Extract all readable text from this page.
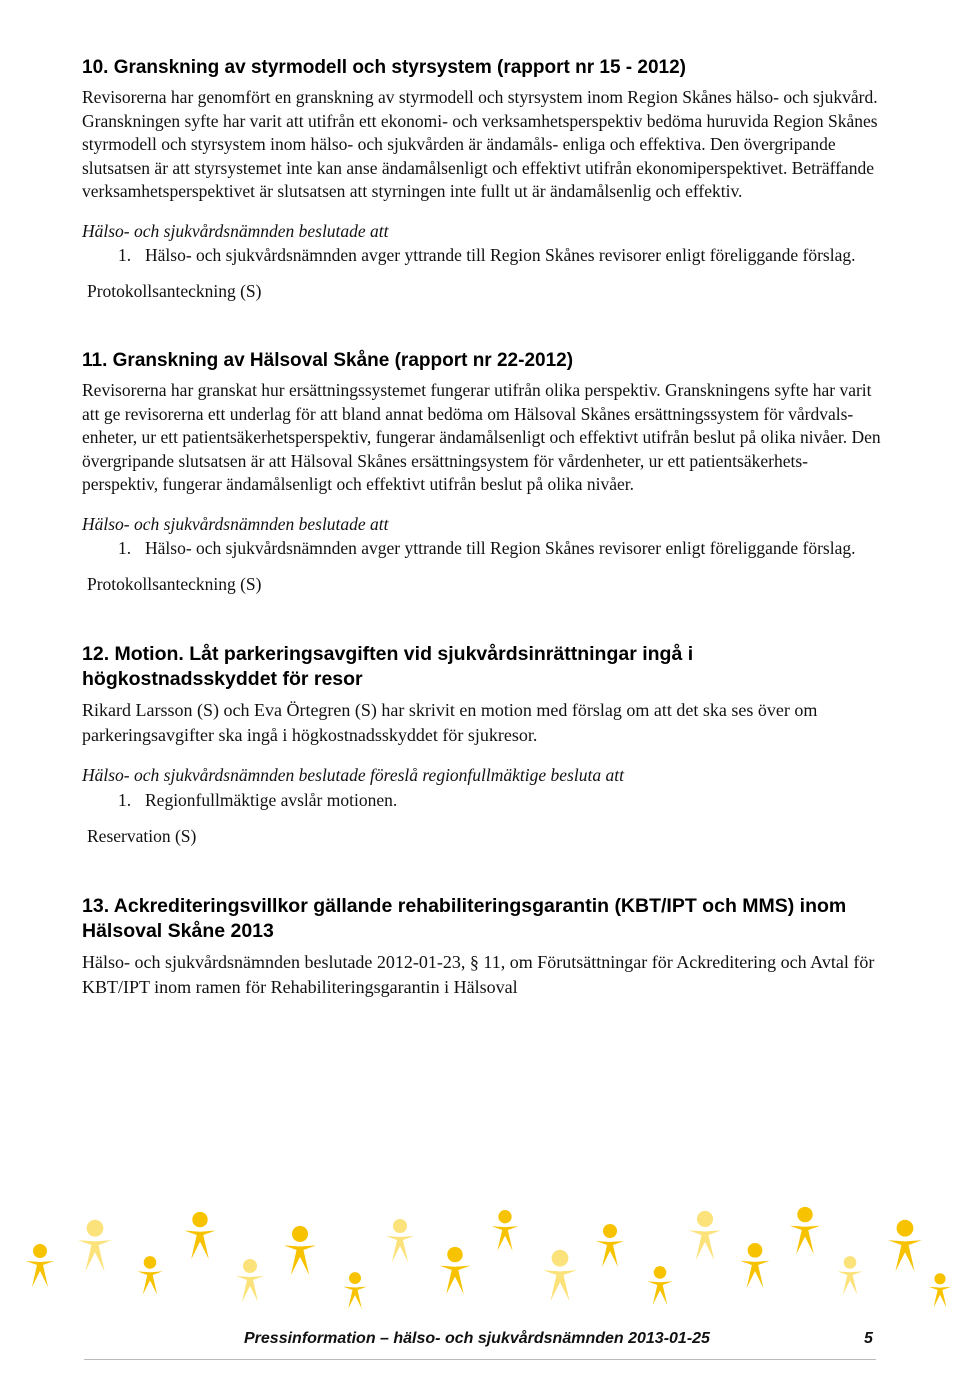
10. Granskning av styrmodell och styrsystem (rapport nr 15 - 2012)

Revisorerna har genomfört en granskning av styrmodell och styrsystem inom Region Skånes hälso- och sjukvård. Granskningen syfte har varit att utifrån ett ekonomi- och verksamhetsperspektiv bedöma huruvida Region Skånes styrmodell och styrsystem inom hälso- och sjukvården är ändamåls- enliga och effektiva. Den övergripande slutsatsen är att styrsystemet inte kan anse ändamålsenligt och effektivt utifrån ekonomiperspektivet. Beträffande verksamhetsperspektivet är slutsatsen att styrningen inte fullt ut är ändamålsenlig och effektiv.

Hälso- och sjukvårdsnämnden beslutade att
1. Hälso- och sjukvårdsnämnden avger yttrande till Region Skånes revisorer enligt föreliggande förslag.
Protokollsanteckning (S)
11. Granskning av Hälsoval Skåne (rapport nr 22-2012)

Revisorerna har granskat hur ersättningssystemet fungerar utifrån olika perspektiv. Granskningens syfte har varit att ge revisorerna ett underlag för att bland annat bedöma om Hälsoval Skånes ersättningssystem för vårdvals-enheter, ur ett patientsäkerhetsperspektiv, fungerar ändamålsenligt och effektivt utifrån beslut på olika nivåer. Den övergripande slutsatsen är att Hälsoval Skånes ersättningsystem för vårdenheter, ur ett patientsäkerhets- perspektiv, fungerar ändamålsenligt och effektivt utifrån beslut på olika nivåer.

Hälso- och sjukvårdsnämnden beslutade att
1. Hälso- och sjukvårdsnämnden avger yttrande till Region Skånes revisorer enligt föreliggande förslag.
Protokollsanteckning (S)
12. Motion. Låt parkeringsavgiften vid sjukvårdsinrättningar ingå i högkostnadsskyddet för resor

Rikard Larsson (S) och Eva Örtegren (S) har skrivit en motion med förslag om att det ska ses över om parkeringsavgifter ska ingå i högkostnadsskyddet för sjukresor.

Hälso- och sjukvårdsnämnden beslutade föreslå regionfullmäktige besluta att
1. Regionfullmäktige avslår motionen.
Reservation (S)
13. Ackrediteringsvillkor gällande rehabiliteringsgarantin (KBT/IPT och MMS) inom Hälsoval Skåne 2013

Hälso- och sjukvårdsnämnden beslutade 2012-01-23, § 11, om Förutsättningar för Ackreditering och Avtal för KBT/IPT inom ramen för Rehabiliteringsgarantin i Hälsoval

Pressinformation – hälso- och sjukvårdsnämnden 2013-01-25	5
